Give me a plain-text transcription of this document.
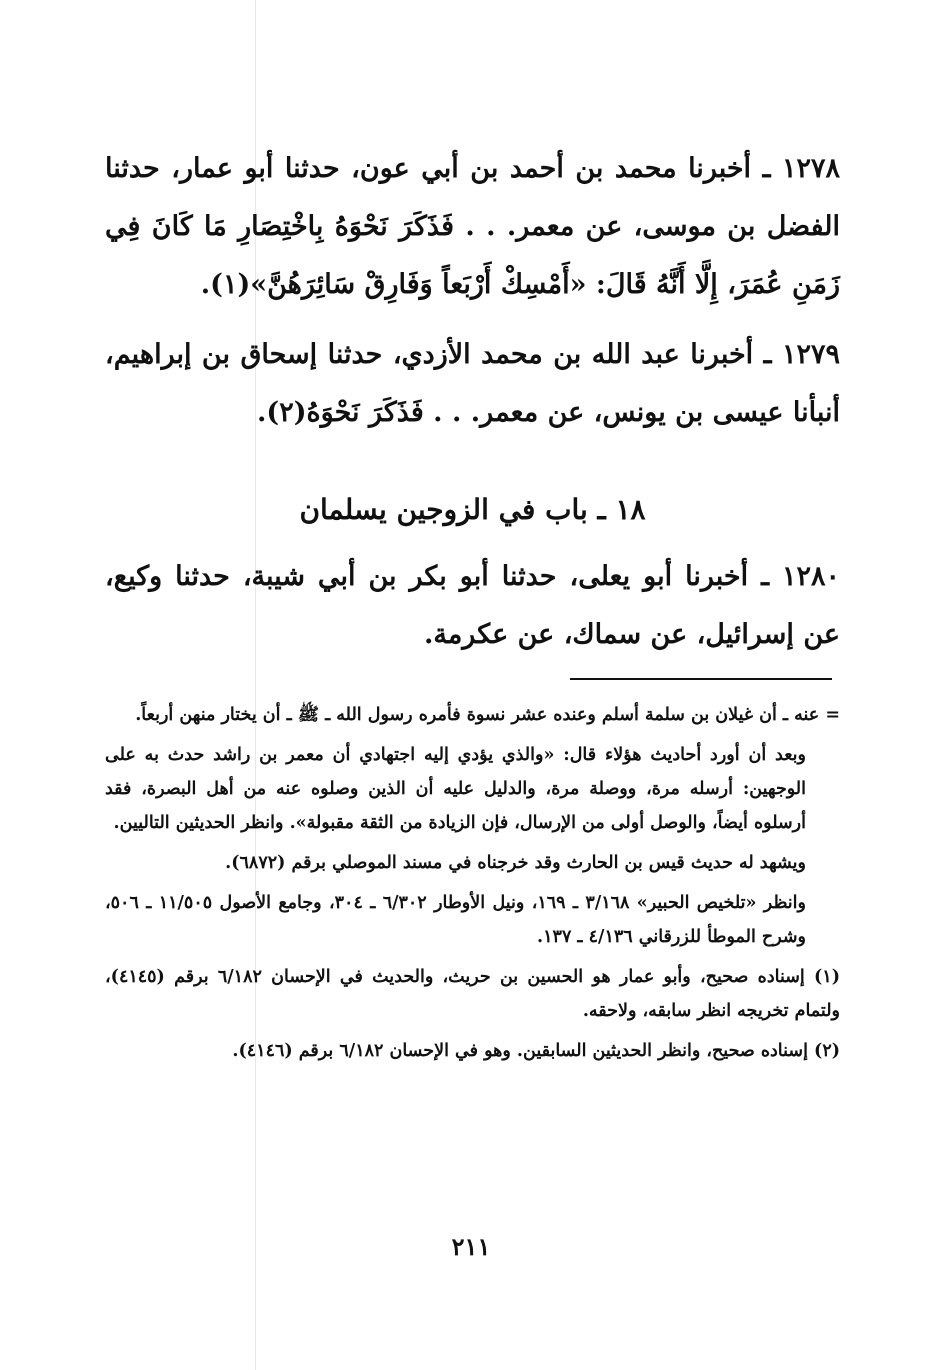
١٢٧٨ ـ أخبرنا محمد بن أحمد بن أبي عون، حدثنا أبو عمار، حدثنا الفضل بن موسى، عن معمر. . . فَذَكَرَ نَحْوَهُ بِاخْتِصَارِ مَا كَانَ فِي زَمَنِ عُمَرَ، إِلَّا أَنَّهُ قَالَ: «أَمْسِكْ أَرْبَعاً وَفَارِقْ سَائِرَهُنَّ»(١).

١٢٧٩ ـ أخبرنا عبد الله بن محمد الأزدي، حدثنا إسحاق بن إبراهيم، أنبأنا عيسى بن يونس، عن معمر. . . فَذَكَرَ نَحْوَهُ(٢).

١٨ ـ باب في الزوجين يسلمان

١٢٨٠ ـ أخبرنا أبو يعلى، حدثنا أبو بكر بن أبي شيبة، حدثنا وكيع، عن إسرائيل، عن سماك، عن عكرمة.

= عنه ـ أن غيلان بن سلمة أسلم وعنده عشر نسوة فأمره رسول الله ـ ﷺ ـ أن يختار منهن أربعاً.

وبعد أن أورد أحاديث هؤلاء قال: «والذي يؤدي إليه اجتهادي أن معمر بن راشد حدث به على الوجهين: أرسله مرة، ووصلة مرة، والدليل عليه أن الذين وصلوه عنه من أهل البصرة، فقد أرسلوه أيضاً، والوصل أولى من الإرسال، فإن الزيادة من الثقة مقبولة». وانظر الحديثين التاليين.

ويشهد له حديث قيس بن الحارث وقد خرجناه في مسند الموصلي برقم (٦٨٧٢).

وانظر «تلخيص الحبير» ٣/١٦٨ ـ ١٦٩، ونيل الأوطار ٦/٣٠٢ ـ ٣٠٤، وجامع الأصول ١١/٥٠٥ ـ ٥٠٦، وشرح الموطأ للزرقاني ٤/١٣٦ ـ ١٣٧.

(١) إسناده صحيح، وأبو عمار هو الحسين بن حريث، والحديث في الإحسان ٦/١٨٢ برقم (٤١٤٥)، ولتمام تخريجه انظر سابقه، ولاحقه.

(٢) إسناده صحيح، وانظر الحديثين السابقين. وهو في الإحسان ٦/١٨٢ برقم (٤١٤٦).

٢١١
